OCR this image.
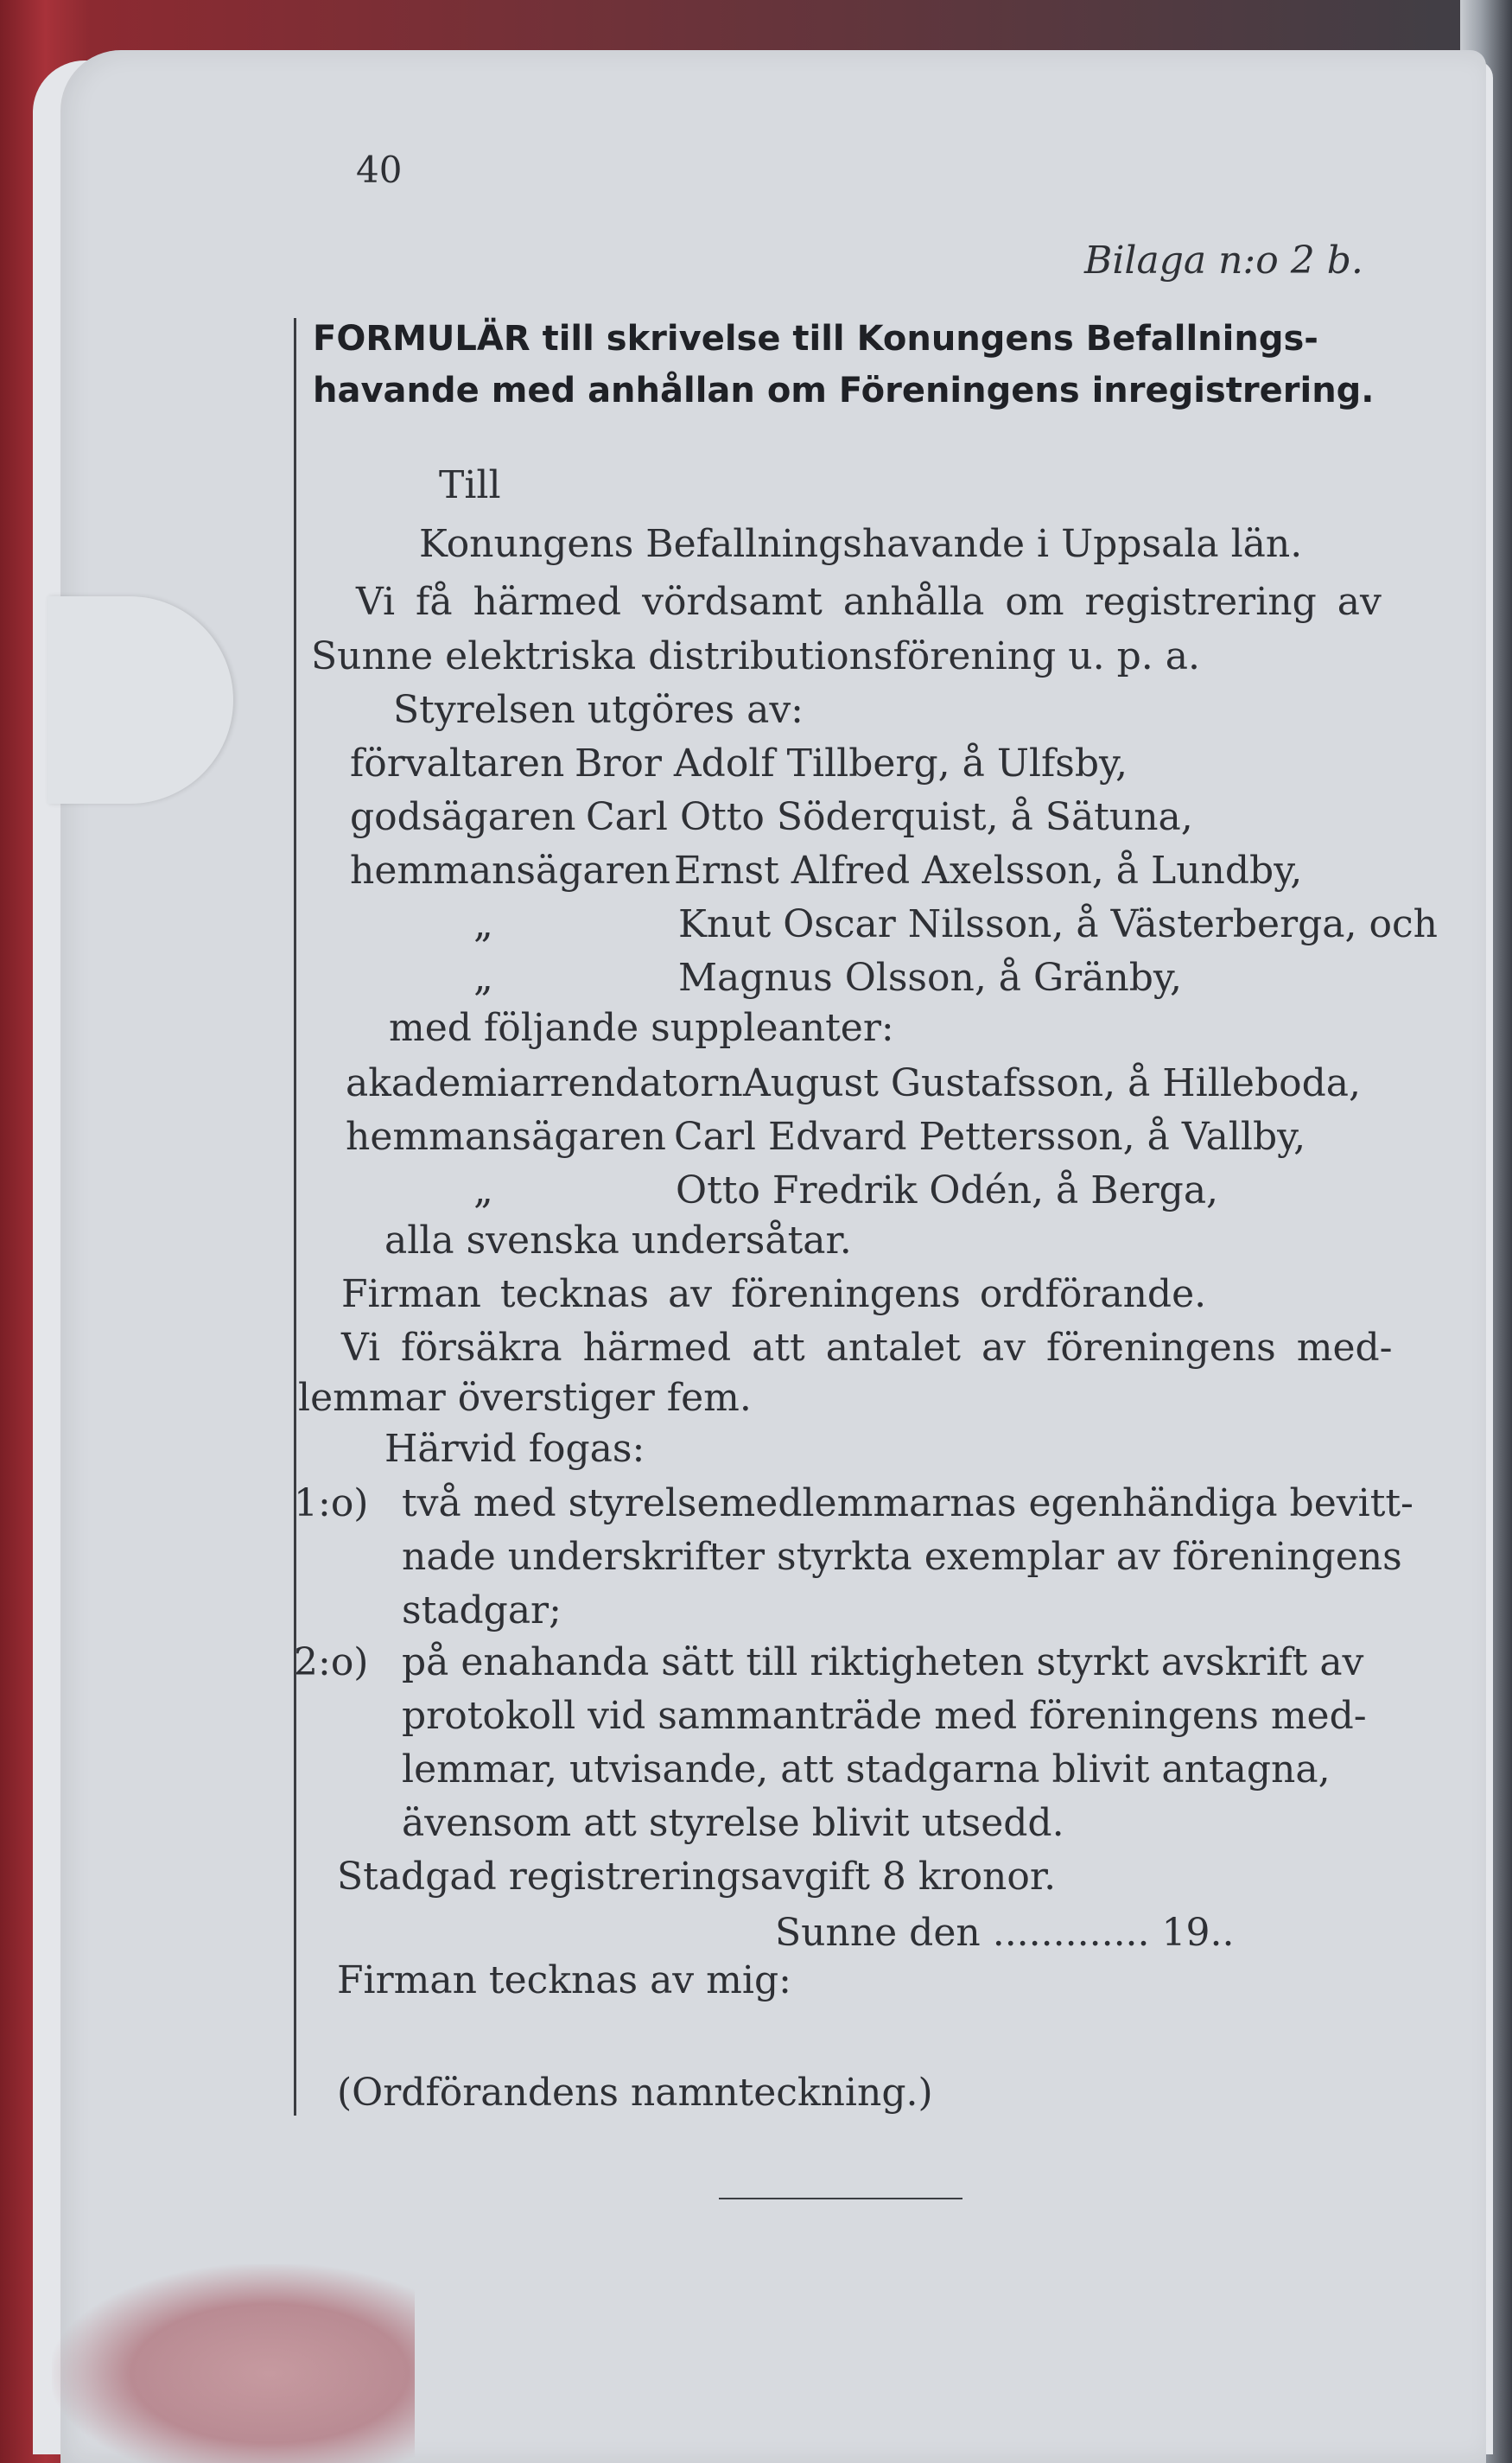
40
Bilaga n:o 2 b.
FORMULÄR till skrivelse till Konungens Befallnings-
havande med anhållan om Föreningens inregistrering.
Till
Konungens Befallningshavande i Uppsala län.
Vi få härmed vördsamt anhålla om registrering av
Sunne elektriska distributionsförening u. p. a.
Styrelsen utgöres av:
förvaltaren Bror Adolf Tillberg, å Ulfsby,
godsägaren Carl Otto Söderquist, å Sätuna,
hemmansägaren Ernst Alfred Axelsson, å Lundby,
„	Knut Oscar Nilsson, å Västerberga, och
„	Magnus Olsson, å Gränby,
med följande suppleanter:
akademiarrendatorn August Gustafsson, å Hilleboda,
hemmansägaren Carl Edvard Pettersson, å Vallby,
„	Otto Fredrik Odén, å Berga,
alla svenska undersåtar.
Firman tecknas av föreningens ordförande.
Vi försäkra härmed att antalet av föreningens med-
lemmar överstiger fem.
Härvid fogas:
1:o) två med styrelsemedlemmarnas egenhändiga bevitt-
nade underskrifter styrkta exemplar av föreningens
stadgar;
2:o) på enahanda sätt till riktigheten styrkt avskrift av
protokoll vid sammanträde med föreningens med-
lemmar, utvisande, att stadgarna blivit antagna,
ävensom att styrelse blivit utsedd.
Stadgad registreringsavgift 8 kronor.
Sunne den ............. 19..
Firman tecknas av mig:
(Ordförandens namnteckning.)
